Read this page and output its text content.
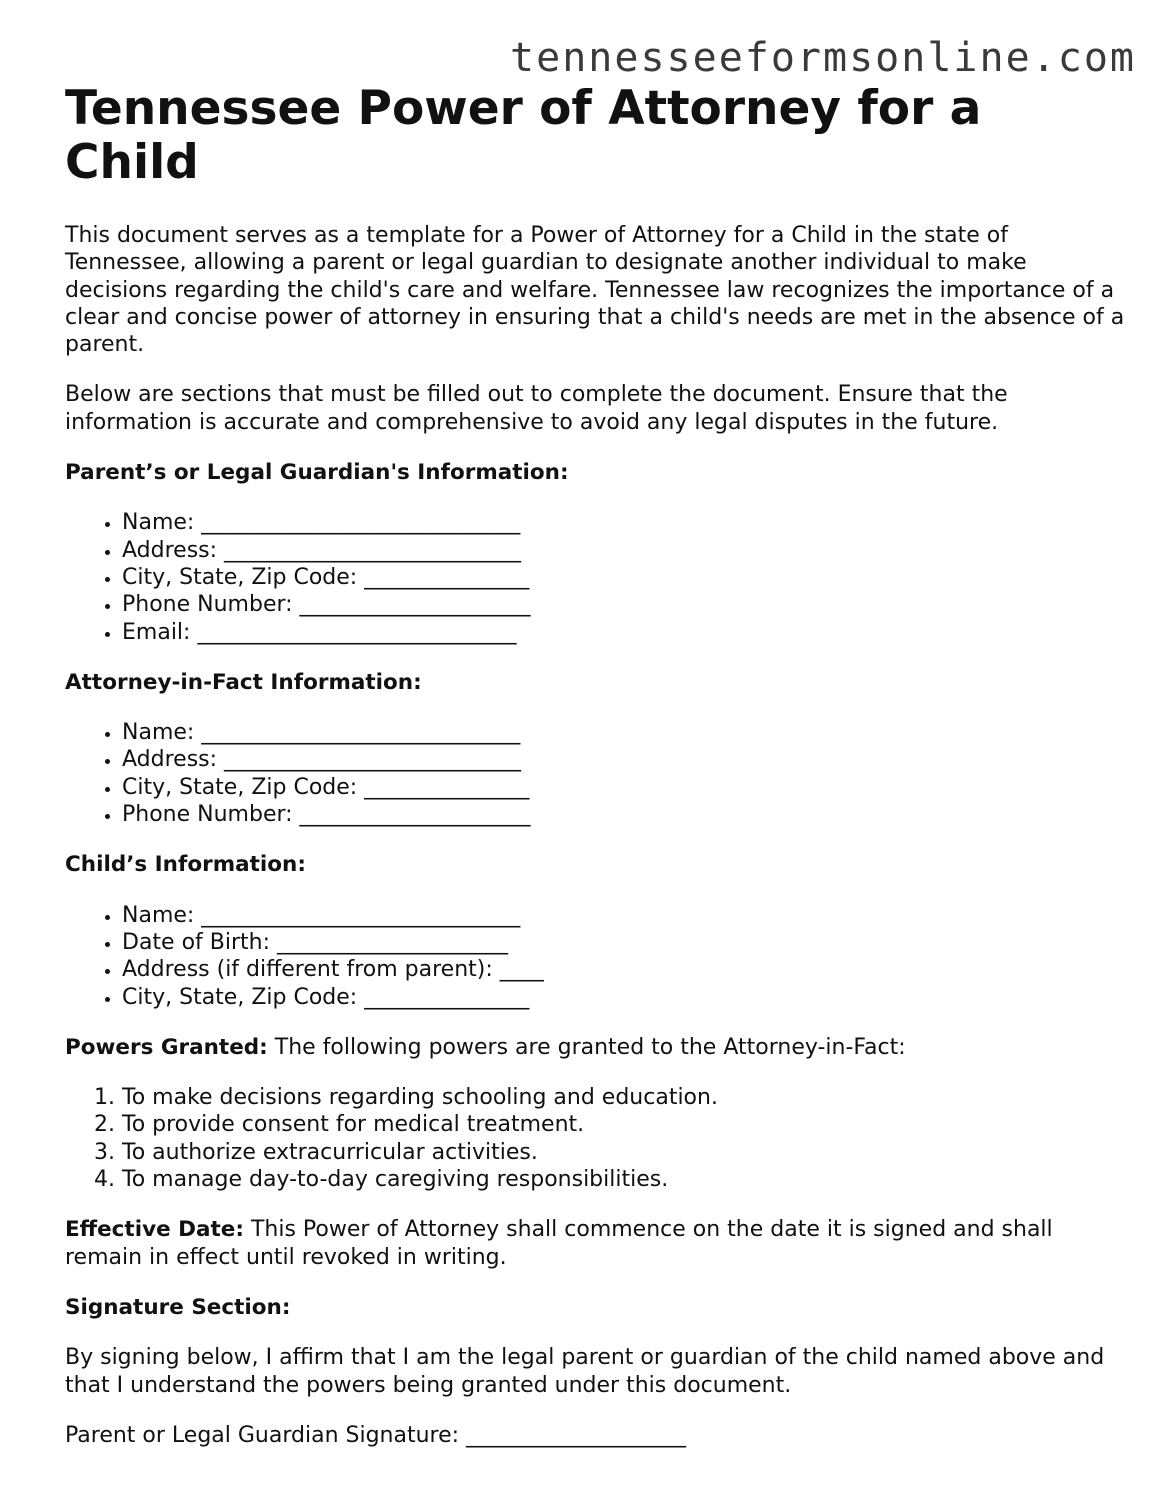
tennesseeformsonline.com
Tennessee Power of Attorney for a Child

This document serves as a template for a Power of Attorney for a Child in the state of Tennessee, allowing a parent or legal guardian to designate another individual to make decisions regarding the child's care and welfare. Tennessee law recognizes the importance of a clear and concise power of attorney in ensuring that a child's needs are met in the absence of a parent.

Below are sections that must be filled out to complete the document. Ensure that the information is accurate and comprehensive to avoid any legal disputes in the future.

Parent’s or Legal Guardian's Information:
• Name: _____________________________
• Address: ___________________________
• City, State, Zip Code: _______________
• Phone Number: _____________________
• Email: _____________________________
Attorney-in-Fact Information:
• Name: _____________________________
• Address: ___________________________
• City, State, Zip Code: _______________
• Phone Number: _____________________
Child’s Information:
• Name: _____________________________
• Date of Birth: _____________________
• Address (if different from parent): ____
• City, State, Zip Code: _______________
Powers Granted: The following powers are granted to the Attorney-in-Fact:
1. To make decisions regarding schooling and education.
2. To provide consent for medical treatment.
3. To authorize extracurricular activities.
4. To manage day-to-day caregiving responsibilities.
Effective Date: This Power of Attorney shall commence on the date it is signed and shall remain in effect until revoked in writing.
Signature Section:

By signing below, I affirm that I am the legal parent or guardian of the child named above and that I understand the powers being granted under this document.

Parent or Legal Guardian Signature: ____________________
